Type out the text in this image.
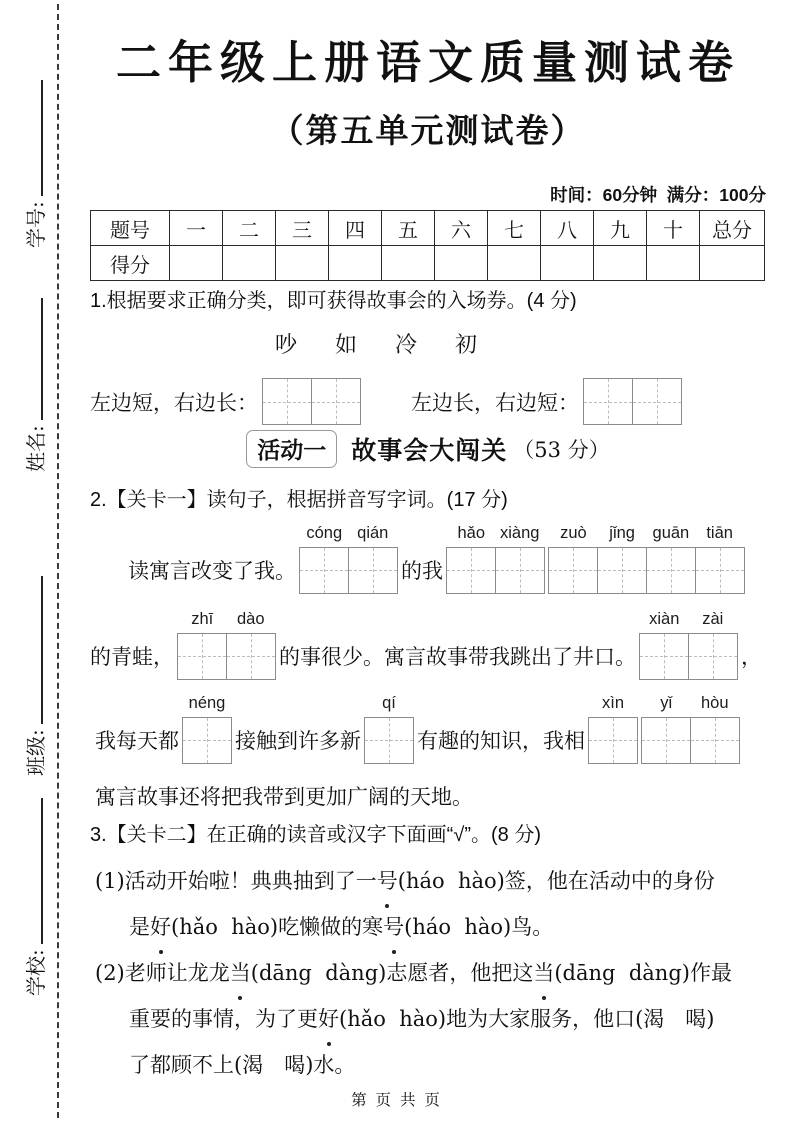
学号:
姓名:
班级:
学校:
二年级上册语文质量测试卷
（第五单元测试卷）
时间：60分钟  满分：100分
题号	一	二	三	四	五	六	七	八	九	十	总分
得分											
1.根据要求正确分类，即可获得故事会的入场券。(4 分)
吵 如 冷 初
左边短，右边长：	左边长，右边短：
活动一	故事会大闯关 （53 分）
2.【关卡一】读句子，根据拼音写字词。(17 分)
读寓言改变了我。
cóng qián
的我
hǎo xiàng	zuò	jǐng	guān	tiān
的青蛙，
zhī	dào
的事很少。寓言故事带我跳出了井口。
xiàn	zài
，
我每天都
néng
接触到许多新
qí
有趣的知识，我相
xìn	yǐ	hòu
寓言故事还将把我带到更加广阔的天地。
3.【关卡二】在正确的读音或汉字下面画“√”。(8 分)
(1)活动开始啦！典典抽到了一号(háo  hào)签，他在活动中的身份
是好(hǎo  hào)吃懒做的寒号(háo  hào)鸟。
(2)老师让龙龙当(dāng  dàng)志愿者，他把这当(dāng  dàng)作最
重要的事情，为了更好(hǎo  hào)地为大家服务，他口(渴　喝)
了都顾不上(渴　喝)水。
第 页 共 页
